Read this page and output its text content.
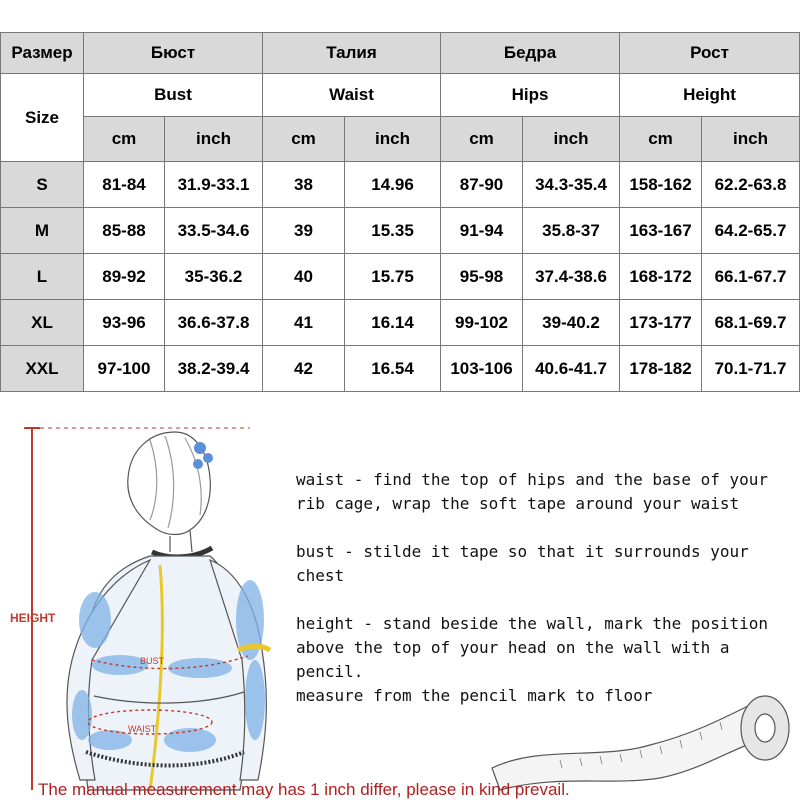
Размер	Бюст		Талия		Бедра		Рост	
Size	Bust		Waist		Hips		Height	
	cm	inch	cm	inch	cm	inch	cm	inch
S	81-84	31.9-33.1	38	14.96	87-90	34.3-35.4	158-162	62.2-63.8
M	85-88	33.5-34.6	39	15.35	91-94	35.8-37	163-167	64.2-65.7
L	89-92	35-36.2	40	15.75	95-98	37.4-38.6	168-172	66.1-67.7
XL	93-96	36.6-37.8	41	16.14	99-102	39-40.2	173-177	68.1-69.7
XXL	97-100	38.2-39.4	42	16.54	103-106	40.6-41.7	178-182	70.1-71.7
BUST
WAIST
HEIGHT

waist - find the top of hips and the base of your
rib cage, wrap the soft tape around your waist

bust - stilde it tape so that it surrounds your chest

height - stand beside the wall, mark the position
above the top of your head on the wall with a pencil.
measure from the pencil mark to floor

The manual measurement may has 1 inch differ, please in kind prevail.
